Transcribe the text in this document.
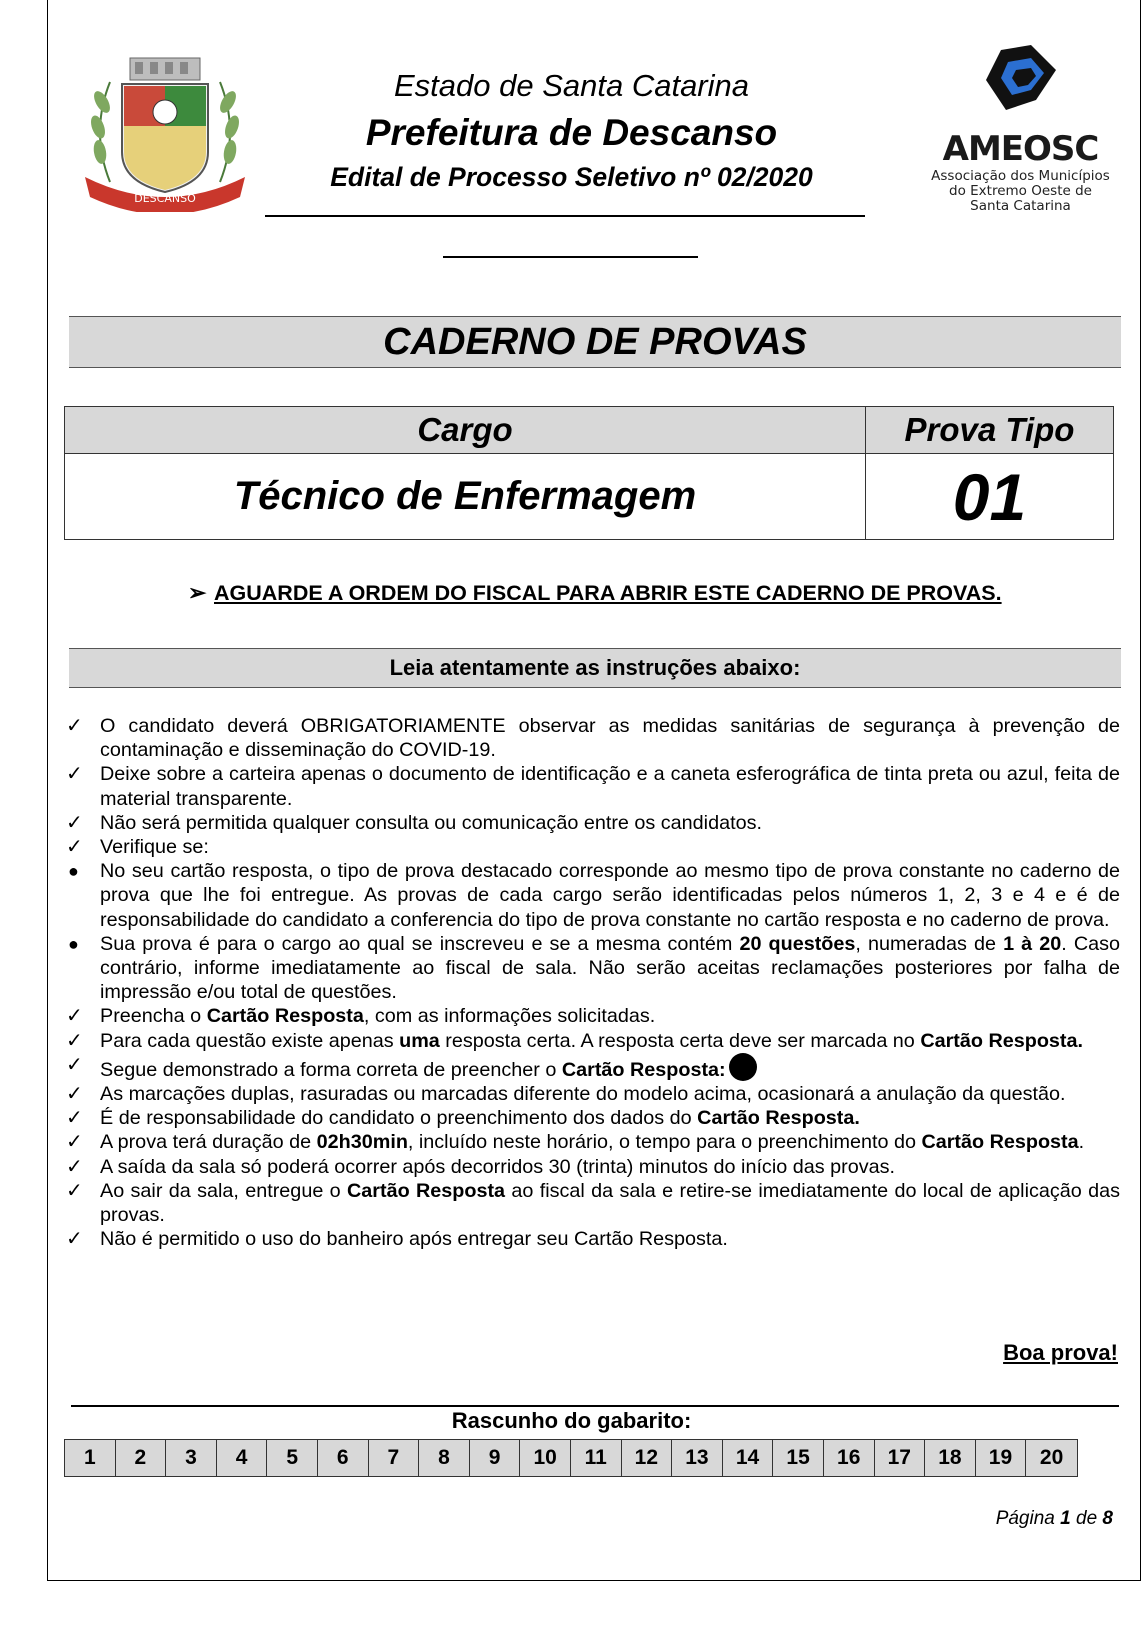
DESCANSO
Estado de Santa Catarina
Prefeitura de Descanso
Edital de Processo Seletivo nº 02/2020
AMEOSC
Associação dos Municípios
do Extremo Oeste de
Santa Catarina
CADERNO DE PROVAS
Cargo	Prova Tipo
Técnico de Enfermagem	01
➢ AGUARDE A ORDEM DO FISCAL PARA ABRIR ESTE CADERNO DE PROVAS.
Leia atentamente as instruções abaixo:
✓ O candidato deverá OBRIGATORIAMENTE observar as medidas sanitárias de segurança à prevenção de contaminação e disseminação do COVID-19.
✓ Deixe sobre a carteira apenas o documento de identificação e a caneta esferográfica de tinta preta ou azul, feita de material transparente.
✓ Não será permitida qualquer consulta ou comunicação entre os candidatos.
✓ Verifique se:
●	No seu cartão resposta, o tipo de prova destacado corresponde ao mesmo tipo de prova constante no caderno de prova que lhe foi entregue. As provas de cada cargo serão identificadas pelos números 1, 2, 3 e 4 e é de responsabilidade do candidato a conferencia do tipo de prova constante no cartão resposta e no caderno de prova.
●	Sua prova é para o cargo ao qual se inscreveu e se a mesma contém 20 questões, numeradas de 1 à 20. Caso contrário, informe imediatamente ao fiscal de sala. Não serão aceitas reclamações posteriores por falha de impressão e/ou total de questões.
✓ Preencha o Cartão Resposta, com as informações solicitadas.
✓ Para cada questão existe apenas uma resposta certa. A resposta certa deve ser marcada no Cartão Resposta.
✓ Segue demonstrado a forma correta de preencher o Cartão Resposta:
✓ As marcações duplas, rasuradas ou marcadas diferente do modelo acima, ocasionará a anulação da questão.
✓ É de responsabilidade do candidato o preenchimento dos dados do Cartão Resposta.
✓ A prova terá duração de 02h30min, incluído neste horário, o tempo para o preenchimento do Cartão Resposta.
✓ A saída da sala só poderá ocorrer após decorridos 30 (trinta) minutos do início das provas.
✓ Ao sair da sala, entregue o Cartão Resposta ao fiscal da sala e retire-se imediatamente do local de aplicação das provas.
✓ Não é permitido o uso do banheiro após entregar seu Cartão Resposta.
Boa prova!
Rascunho do gabarito:
1	2	3	4	5	6	7	8	9	10	11	12	13	14	15	16	17	18	19	20
Página 1 de 8
